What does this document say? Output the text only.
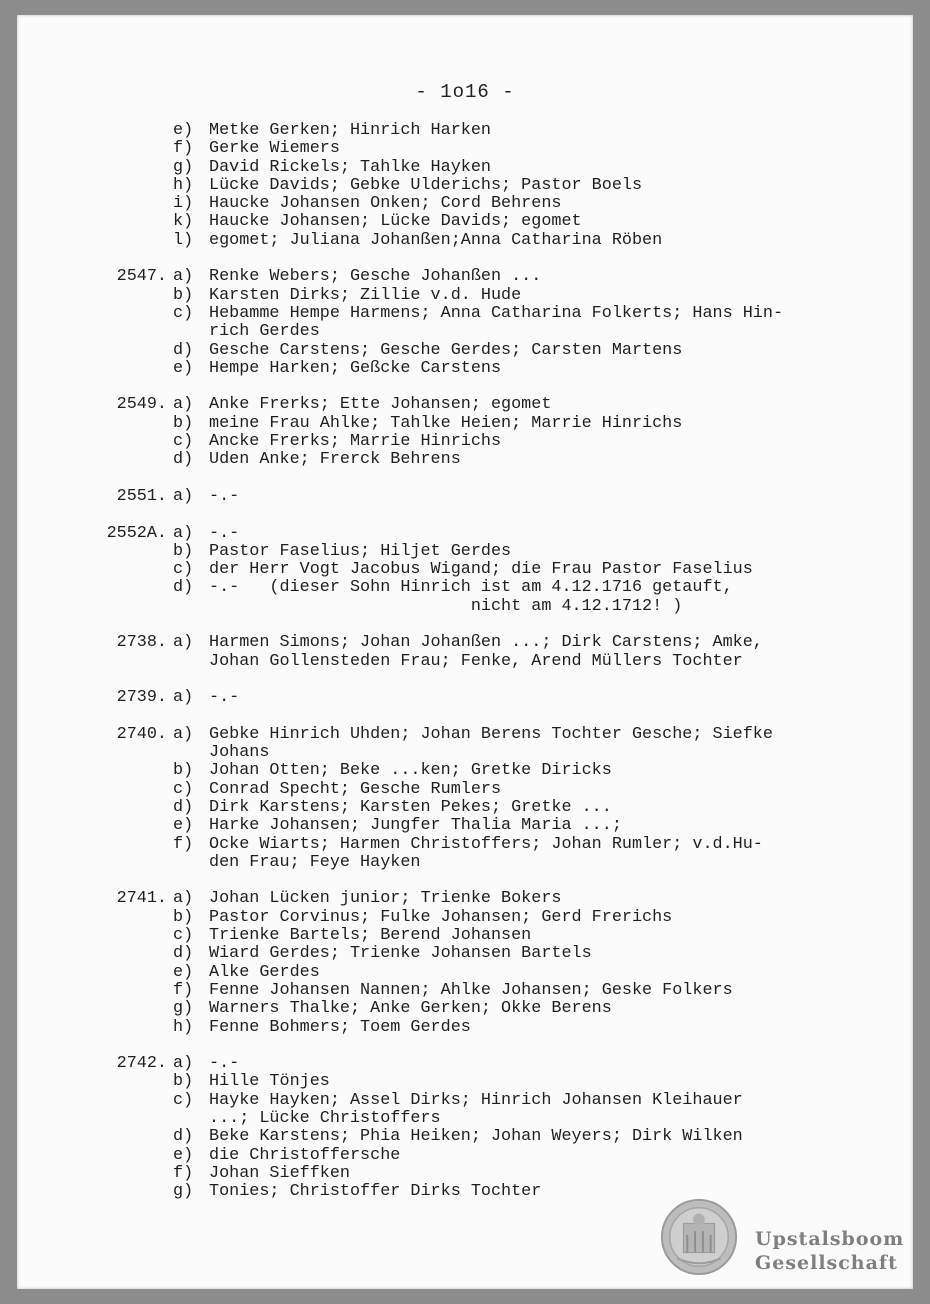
- 1o16 -
e) Metke Gerken; Hinrich Harken
f) Gerke Wiemers
g) David Rickels; Tahlke Hayken
h) Lücke Davids; Gebke Ulderichs; Pastor Boels
i) Haucke Johansen Onken; Cord Behrens
k) Haucke Johansen; Lücke Davids; egomet
l) egomet; Juliana Johanßen;Anna Catharina Röben
2547. a) Renke Webers; Gesche Johanßen ...
b) Karsten Dirks; Zillie v.d. Hude
c) Hebamme Hempe Harmens; Anna Catharina Folkerts; Hans Hin-
rich Gerdes
d) Gesche Carstens; Gesche Gerdes; Carsten Martens
e) Hempe Harken; Geßcke Carstens
2549. a) Anke Frerks; Ette Johansen; egomet
b) meine Frau Ahlke; Tahlke Heien; Marrie Hinrichs
c) Ancke Frerks; Marrie Hinrichs
d) Uden Anke; Frerck Behrens
2551. a) -.-
2552A. a) -.-
b) Pastor Faselius; Hiljet Gerdes
c) der Herr Vogt Jacobus Wigand; die Frau Pastor Faselius
d) -.-   (dieser Sohn Hinrich ist am 4.12.1716 getauft,
nicht am 4.12.1712! )
2738. a) Harmen Simons; Johan Johanßen ...; Dirk Carstens; Amke,
Johan Gollensteden Frau; Fenke, Arend Müllers Tochter
2739. a) -.-
2740. a) Gebke Hinrich Uhden; Johan Berens Tochter Gesche; Siefke
Johans
b) Johan Otten; Beke ...ken; Gretke Diricks
c) Conrad Specht; Gesche Rumlers
d) Dirk Karstens; Karsten Pekes; Gretke ...
e) Harke Johansen; Jungfer Thalia Maria ...;
f) Ocke Wiarts; Harmen Christoffers; Johan Rumler; v.d.Hu-
den Frau; Feye Hayken
2741. a) Johan Lücken junior; Trienke Bokers
b) Pastor Corvinus; Fulke Johansen; Gerd Frerichs
c) Trienke Bartels; Berend Johansen
d) Wiard Gerdes; Trienke Johansen Bartels
e) Alke Gerdes
f) Fenne Johansen Nannen; Ahlke Johansen; Geske Folkers
g) Warners Thalke; Anke Gerken; Okke Berens
h) Fenne Bohmers; Toem Gerdes
2742. a) -.-
b) Hille Tönjes
c) Hayke Hayken; Assel Dirks; Hinrich Johansen Kleihauer
...; Lücke Christoffers
d) Beke Karstens; Phia Heiken; Johan Weyers; Dirk Wilken
e) die Christoffersche
f) Johan Sieffken
g) Tonies; Christoffer Dirks Tochter
Upstalsboom
Gesellschaft
